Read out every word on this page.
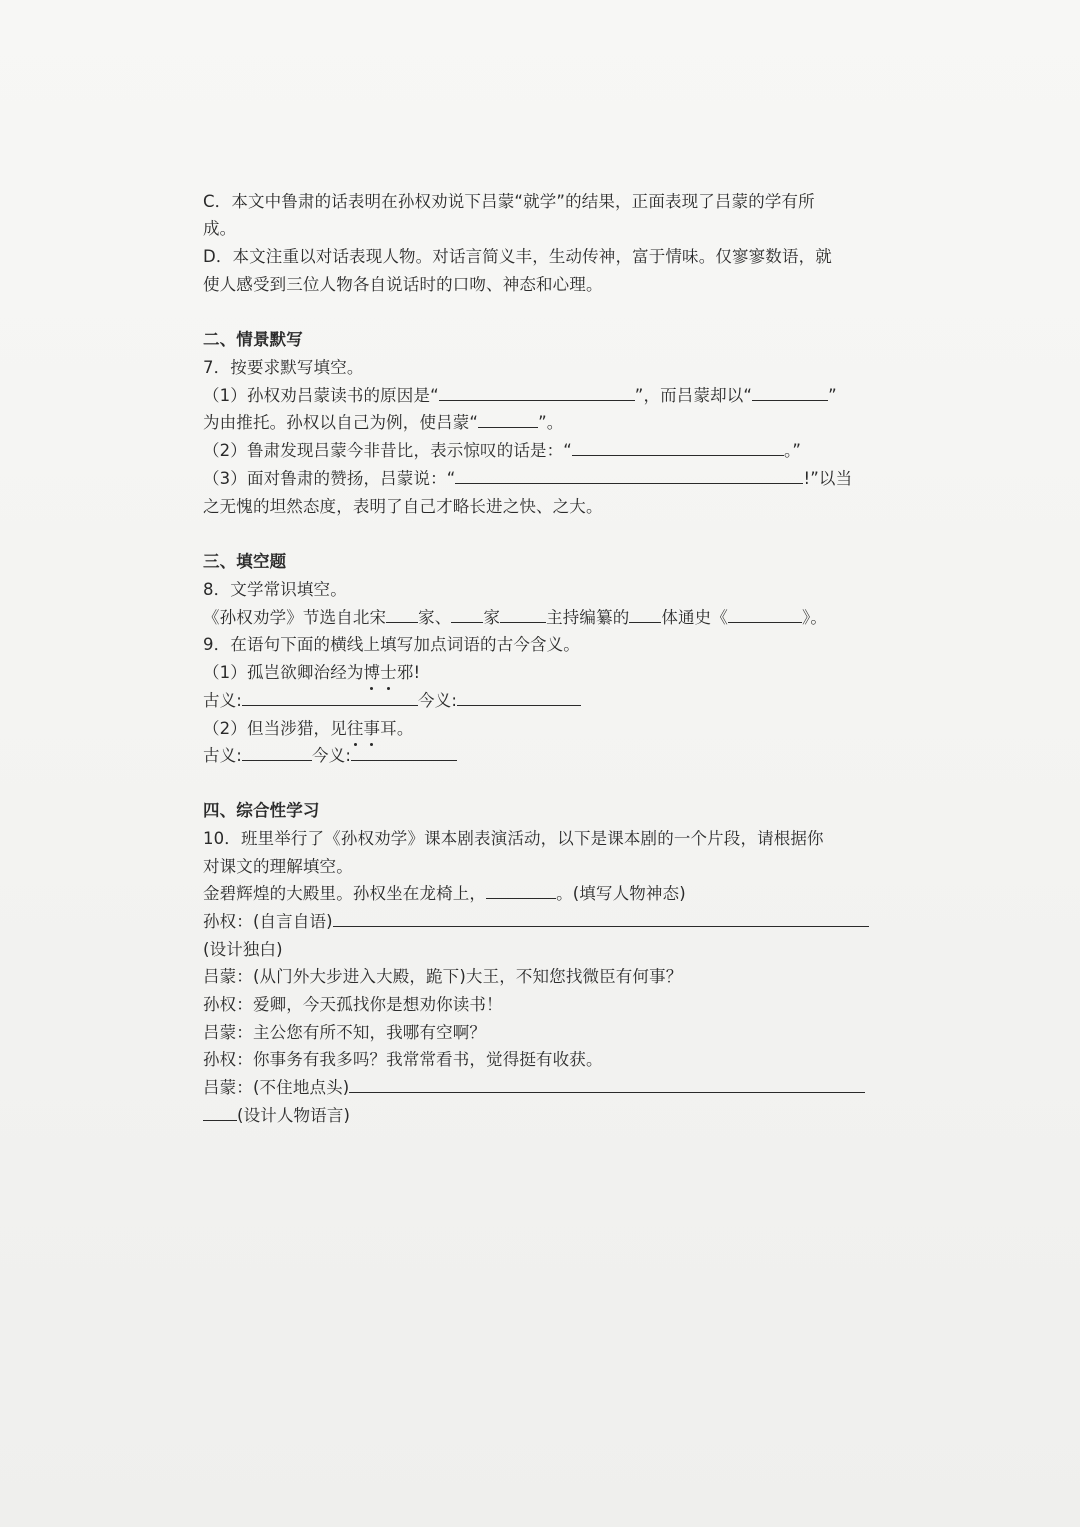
C．本文中鲁肃的话表明在孙权劝说下吕蒙“就学”的结果，正面表现了吕蒙的学有所
成。
D．本文注重以对话表现人物。对话言简义丰，生动传神，富于情味。仅寥寥数语，就
使人感受到三位人物各自说话时的口吻、神态和心理。
二、情景默写
7．按要求默写填空。
（1）孙权劝吕蒙读书的原因是“	”，而吕蒙却以“	”
为由推托。孙权以自己为例，使吕蒙“	”。
（2）鲁肃发现吕蒙今非昔比，表示惊叹的话是：“	。”
（3）面对鲁肃的赞扬，吕蒙说：“	!”以当
之无愧的坦然态度，表明了自己才略长进之快、之大。
三、填空题
8．文学常识填空。
《孙权劝学》节选自北宋 家、 家	主持编纂的 体通史《	》。
9．在语句下面的横线上填写加点词语的古今含义。
（1）孤岂欲卿治经为博士邪!
古义:	今义:
（2）但当涉猎，见往事耳。
古义:	今义:
四、综合性学习
10．班里举行了《孙权劝学》课本剧表演活动，以下是课本剧的一个片段，请根据你
对课文的理解填空。
金碧辉煌的大殿里。孙权坐在龙椅上，	。(填写人物神态)
孙权：(自言自语)
(设计独白)
吕蒙：(从门外大步进入大殿，跪下)大王，不知您找微臣有何事？
孙权：爱卿，今天孤找你是想劝你读书！
吕蒙：主公您有所不知，我哪有空啊？
孙权：你事务有我多吗？我常常看书，觉得挺有收获。
吕蒙：(不住地点头)
(设计人物语言)
